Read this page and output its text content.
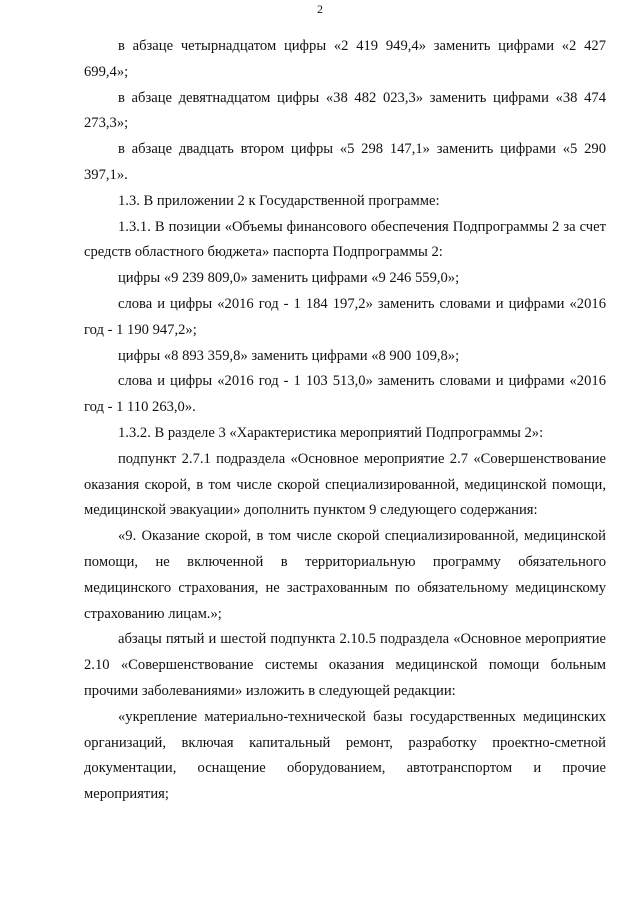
2

в абзаце четырнадцатом цифры «2 419 949,4» заменить цифрами «2 427 699,4»;

в абзаце девятнадцатом цифры «38 482 023,3» заменить цифрами «38 474 273,3»;

в абзаце двадцать втором цифры «5 298 147,1» заменить цифрами «5 290 397,1».

1.3. В приложении 2 к Государственной программе:

1.3.1. В позиции «Объемы финансового обеспечения Подпрограммы 2 за счет средств областного бюджета» паспорта Подпрограммы 2:

цифры «9 239 809,0» заменить цифрами «9 246 559,0»;

слова и цифры «2016 год - 1 184 197,2» заменить словами и цифрами «2016 год - 1 190 947,2»;

цифры «8 893 359,8» заменить цифрами «8 900 109,8»;

слова и цифры «2016 год - 1 103 513,0» заменить словами и цифрами «2016 год - 1 110 263,0».

1.3.2. В разделе 3 «Характеристика мероприятий Подпрограммы 2»:

подпункт 2.7.1 подраздела «Основное мероприятие 2.7 «Совершенствование оказания скорой, в том числе скорой специализированной, медицинской помощи, медицинской эвакуации» дополнить пунктом 9 следующего содержания:

«9. Оказание скорой, в том числе скорой специализированной, медицинской помощи, не включенной в территориальную программу обязательного медицинского страхования, не застрахованным по обязательному медицинскому страхованию лицам.»;

абзацы пятый и шестой подпункта 2.10.5 подраздела «Основное мероприятие 2.10 «Совершенствование системы оказания медицинской помощи больным прочими заболеваниями» изложить в следующей редакции:

«укрепление материально-технической базы государственных медицинских организаций, включая капитальный ремонт, разработку проектно-сметной документации, оснащение оборудованием, автотранспортом и прочие мероприятия;
